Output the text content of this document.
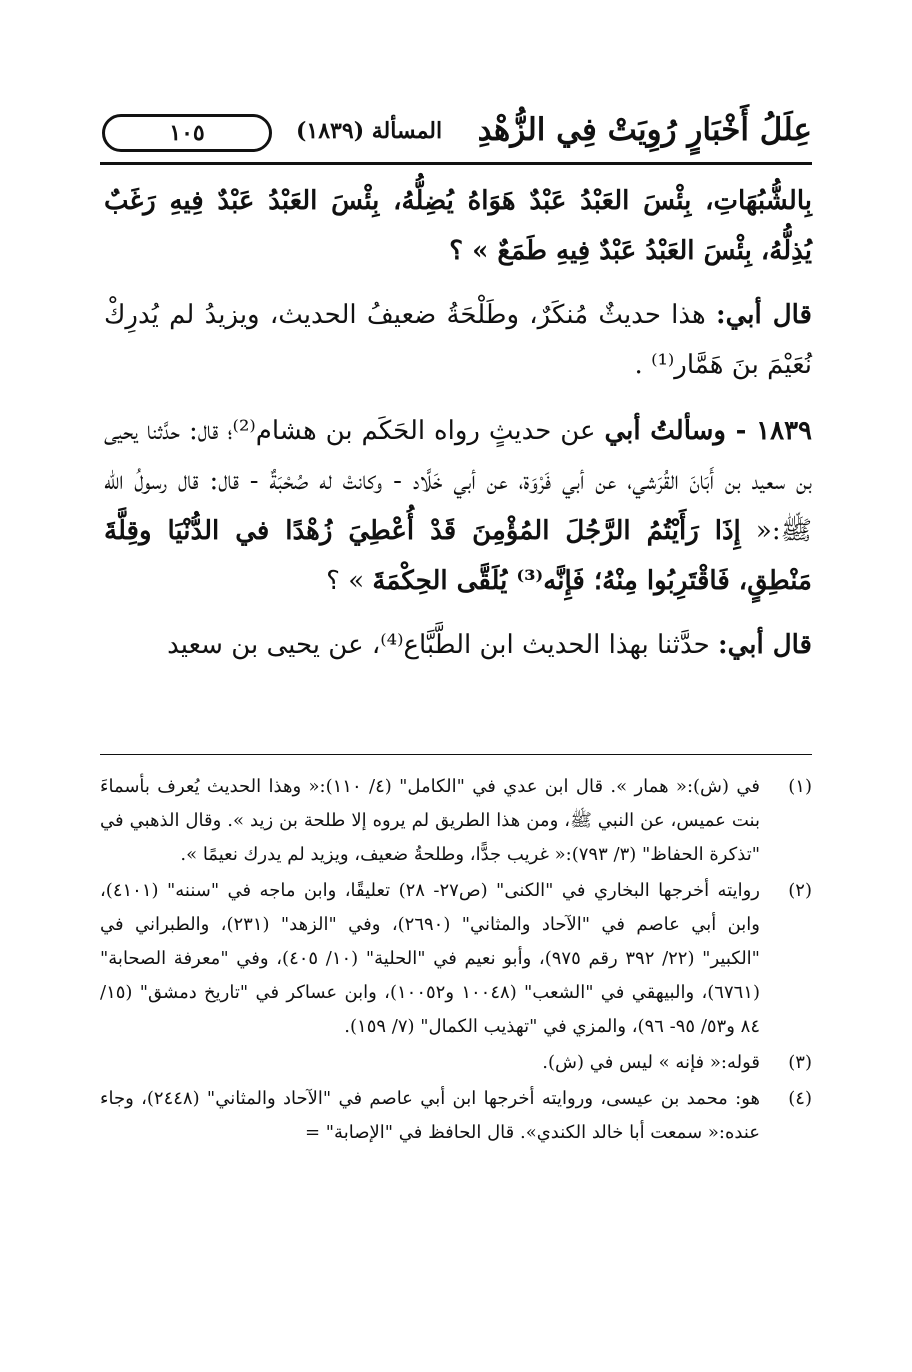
عِلَلُ أَخْبَارٍ رُوِيَتْ فِي الزُّهْدِ
المسألة (١٨٣٩)
١٠٥

بِالشُّبُهَاتِ، بِئْسَ العَبْدُ عَبْدٌ هَوَاهُ يُضِلُّهُ، بِئْسَ العَبْدُ عَبْدٌ فِيهِ رَغَبٌ يُذِلُّهُ، بِئْسَ العَبْدُ عَبْدٌ فِيهِ طَمَعٌ » ؟

قال أبي: هذا حديثٌ مُنكَرٌ، وطَلْحَةُ ضعيفُ الحديث، ويزيدُ لم يُدرِكْ نُعَيْمَ بنَ هَمَّار⁽¹⁾ .

١٨٣٩ - وسألتُ أبي عن حديثٍ رواه الحَكَم بن هشام⁽²⁾؛ قال: حدَّثنا يحيى بن سعيد بن أَبَانَ القُرَشي، عن أبي فَرْوَة، عن أبي خَلَّاد - وكانتْ له صُحْبَةٌ - قال: قال رسولُ الله ﷺ:« إِذَا رَأَيْتُمُ الرَّجُلَ المُؤْمِنَ قَدْ أُعْطِيَ زُهْدًا في الدُّنْيَا وقِلَّةَ مَنْطِقٍ، فَاقْتَرِبُوا مِنْهُ؛ فَإِنَّه⁽³⁾ يُلَقَّى الحِكْمَةَ » ؟

قال أبي: حدَّثنا بهذا الحديث ابن الطَّبَّاع⁽⁴⁾، عن يحيى بن سعيد

(١)
في (ش):« همار ». قال ابن عدي في "الكامل" (٤/ ١١٠):« وهذا الحديث يُعرف بأسماءَ بنت عميس، عن النبي ﷺ، ومن هذا الطريق لم يروه إلا طلحة بن زيد ». وقال الذهبي في "تذكرة الحفاظ" (٣/ ٧٩٣):« غريب جدًّا، وطلحةُ ضعيف، ويزيد لم يدرك نعيمًا ».
(٢)
روايته أخرجها البخاري في "الكنى" (ص٢٧- ٢٨) تعليقًا، وابن ماجه في "سننه" (٤١٠١)، وابن أبي عاصم في "الآحاد والمثاني" (٢٦٩٠)، وفي "الزهد" (٢٣١)، والطبراني في "الكبير" (٢٢/ ٣٩٢ رقم ٩٧٥)، وأبو نعيم في "الحلية" (١٠/ ٤٠٥)، وفي "معرفة الصحابة" (٦٧٦١)، والبيهقي في "الشعب" (١٠٠٤٨ و١٠٠٥٢)، وابن عساكر في "تاريخ دمشق" (١٥/ ٨٤ و٥٣/ ٩٥- ٩٦)، والمزي في "تهذيب الكمال" (٧/ ١٥٩).
(٣)
قوله:« فإنه » ليس في (ش).
(٤)
هو: محمد بن عيسى، وروايته أخرجها ابن أبي عاصم في "الآحاد والمثاني" (٢٤٤٨)، وجاء عنده:« سمعت أبا خالد الكندي». قال الحافظ في "الإصابة" =
